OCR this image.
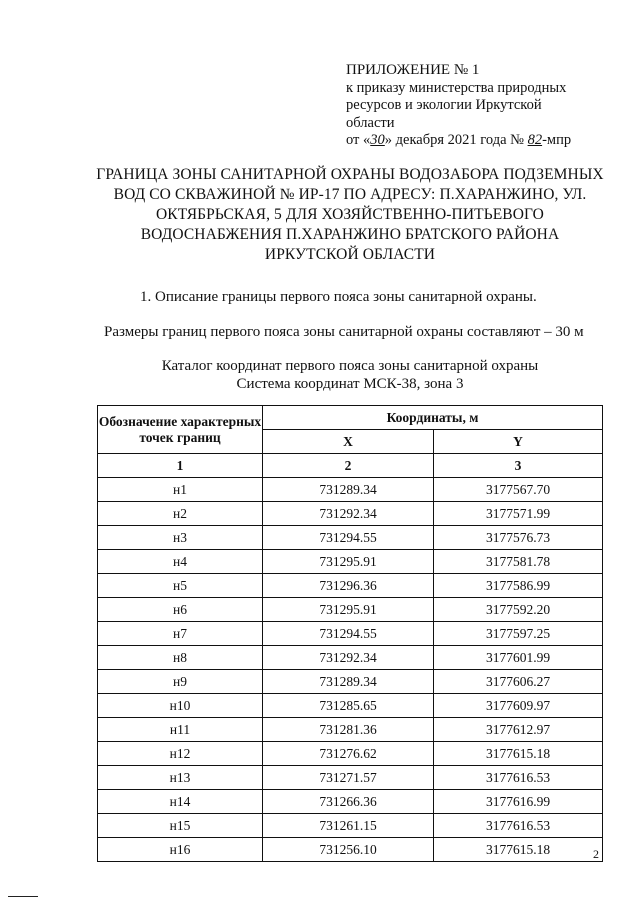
ПРИЛОЖЕНИЕ № 1
к приказу министерства природных
ресурсов и экологии Иркутской
области
от «30» декабря 2021 года № 82-мпр
ГРАНИЦА ЗОНЫ САНИТАРНОЙ ОХРАНЫ ВОДОЗАБОРА ПОДЗЕМНЫХ
ВОД СО СКВАЖИНОЙ № ИР-17 ПО АДРЕСУ: П.ХАРАНЖИНО, УЛ.
ОКТЯБРЬСКАЯ, 5 ДЛЯ ХОЗЯЙСТВЕННО-ПИТЬЕВОГО
ВОДОСНАБЖЕНИЯ П.ХАРАНЖИНО БРАТСКОГО РАЙОНА
ИРКУТСКОЙ ОБЛАСТИ
1. Описание границы первого пояса зоны санитарной охраны.
Размеры границ первого пояса зоны санитарной охраны составляют – 30 м
Каталог координат первого пояса зоны санитарной охраны
Система координат МСК-38, зона 3
Обозначение характерных точек границ	Координаты, м	
	X	Y
1	2	3
н1	731289.34	3177567.70
н2	731292.34	3177571.99
н3	731294.55	3177576.73
н4	731295.91	3177581.78
н5	731296.36	3177586.99
н6	731295.91	3177592.20
н7	731294.55	3177597.25
н8	731292.34	3177601.99
н9	731289.34	3177606.27
н10	731285.65	3177609.97
н11	731281.36	3177612.97
н12	731276.62	3177615.18
н13	731271.57	3177616.53
н14	731266.36	3177616.99
н15	731261.15	3177616.53
н16	731256.10	3177615.18	2
